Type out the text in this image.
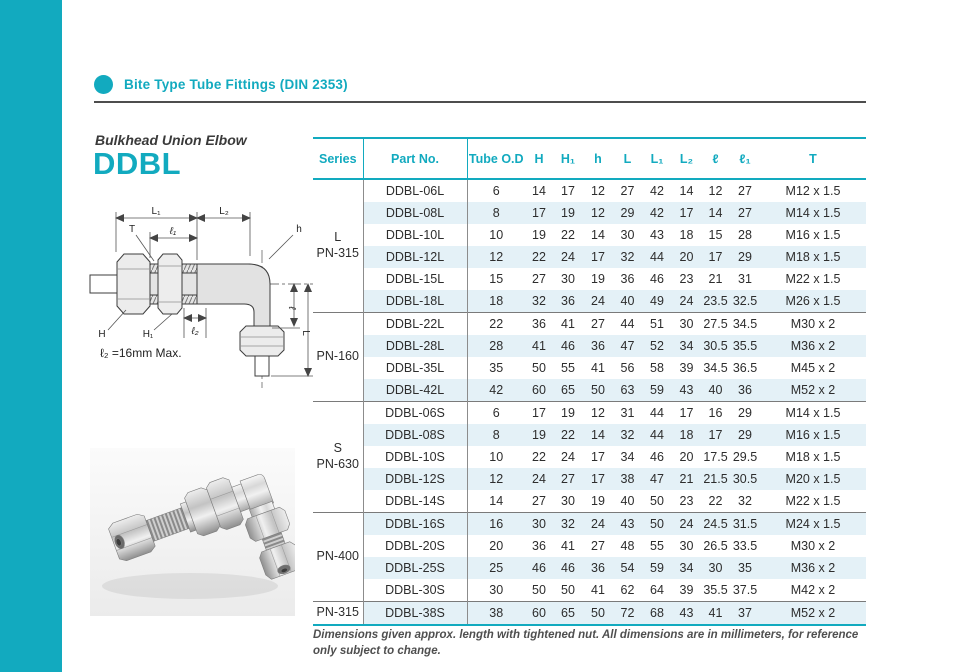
Bite Type Tube Fittings (DIN 2353)
Bulkhead Union Elbow
DDBL
L₁	L₂
ℓ₁
T	h
H	H₁	ℓ₂
ℓ
L
ℓ₂ =16mm Max.
Series	Part No.	Tube O.D	H	H₁	h	L	L₁	L₂	ℓ	ℓ₁	T
L
PN-315	DDBL-06L	6	14	17	12	27	42	14	12	27	M12 x 1.5
	DDBL-08L	8	17	19	12	29	42	17	14	27	M14 x 1.5
	DDBL-10L	10	19	22	14	30	43	18	15	28	M16 x 1.5
	DDBL-12L	12	22	24	17	32	44	20	17	29	M18 x 1.5
	DDBL-15L	15	27	30	19	36	46	23	21	31	M22 x 1.5
	DDBL-18L	18	32	36	24	40	49	24	23.5	32.5	M26 x 1.5
PN-160	DDBL-22L	22	36	41	27	44	51	30	27.5	34.5	M30 x 2
	DDBL-28L	28	41	46	36	47	52	34	30.5	35.5	M36 x 2
	DDBL-35L	35	50	55	41	56	58	39	34.5	36.5	M45 x 2
	DDBL-42L	42	60	65	50	63	59	43	40	36	M52 x 2
S
PN-630	DDBL-06S	6	17	19	12	31	44	17	16	29	M14 x 1.5
	DDBL-08S	8	19	22	14	32	44	18	17	29	M16 x 1.5
	DDBL-10S	10	22	24	17	34	46	20	17.5	29.5	M18 x 1.5
	DDBL-12S	12	24	27	17	38	47	21	21.5	30.5	M20 x 1.5
	DDBL-14S	14	27	30	19	40	50	23	22	32	M22 x 1.5
PN-400	DDBL-16S	16	30	32	24	43	50	24	24.5	31.5	M24 x 1.5
	DDBL-20S	20	36	41	27	48	55	30	26.5	33.5	M30 x 2
	DDBL-25S	25	46	46	36	54	59	34	30	35	M36 x 2
	DDBL-30S	30	50	50	41	62	64	39	35.5	37.5	M42 x 2
PN-315	DDBL-38S	38	60	65	50	72	68	43	41	37	M52 x 2
Dimensions given approx. length with tightened nut. All dimensions are in millimeters, for reference only subject to change.
